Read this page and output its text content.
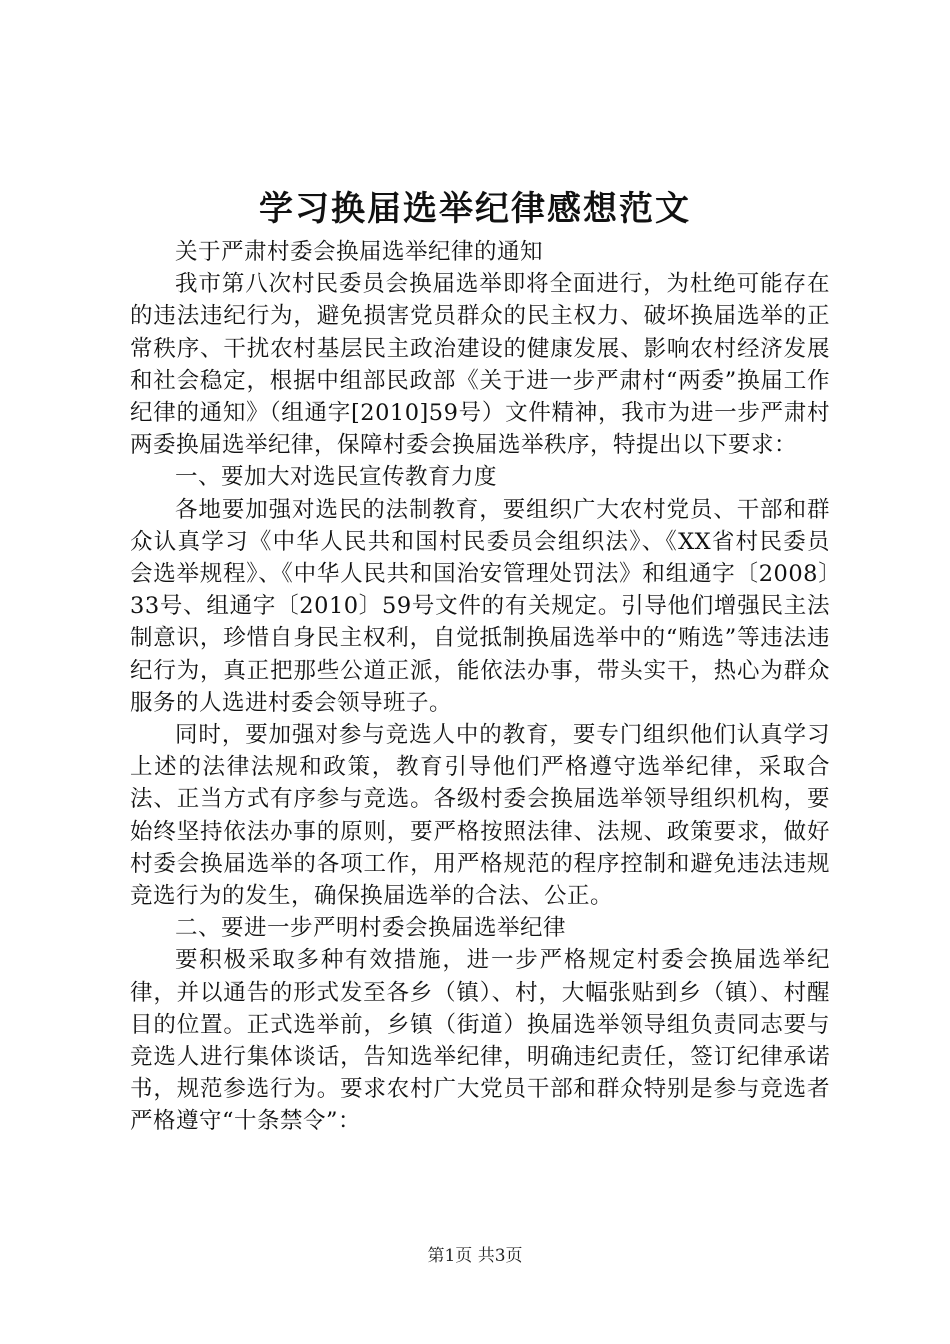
学习换届选举纪律感想范文

关于严肃村委会换届选举纪律的通知

我市第八次村民委员会换届选举即将全面进行，为杜绝可能存在的违法违纪行为，避免损害党员群众的民主权力、破坏换届选举的正常秩序、干扰农村基层民主政治建设的健康发展、影响农村经济发展和社会稳定，根据中组部民政部《关于进一步严肃村“两委”换届工作纪律的通知》（组通字[2010]59号）文件精神，我市为进一步严肃村两委换届选举纪律，保障村委会换届选举秩序，特提出以下要求：

一、要加大对选民宣传教育力度

各地要加强对选民的法制教育，要组织广大农村党员、干部和群众认真学习《中华人民共和国村民委员会组织法》、《XX省村民委员会选举规程》、《中华人民共和国治安管理处罚法》和组通字〔2008〕33号、组通字〔2010〕59号文件的有关规定。引导他们增强民主法制意识，珍惜自身民主权利，自觉抵制换届选举中的“贿选”等违法违纪行为，真正把那些公道正派，能依法办事，带头实干，热心为群众服务的人选进村委会领导班子。

同时，要加强对参与竞选人中的教育，要专门组织他们认真学习上述的法律法规和政策，教育引导他们严格遵守选举纪律，采取合法、正当方式有序参与竞选。各级村委会换届选举领导组织机构，要始终坚持依法办事的原则，要严格按照法律、法规、政策要求，做好村委会换届选举的各项工作，用严格规范的程序控制和避免违法违规竞选行为的发生，确保换届选举的合法、公正。

二、要进一步严明村委会换届选举纪律

要积极采取多种有效措施，进一步严格规定村委会换届选举纪律，并以通告的形式发至各乡（镇）、村，大幅张贴到乡（镇）、村醒目的位置。正式选举前，乡镇（街道）换届选举领导组负责同志要与竞选人进行集体谈话，告知选举纪律，明确违纪责任，签订纪律承诺书，规范参选行为。要求农村广大党员干部和群众特别是参与竞选者严格遵守“十条禁令”：

第1页 共3页
